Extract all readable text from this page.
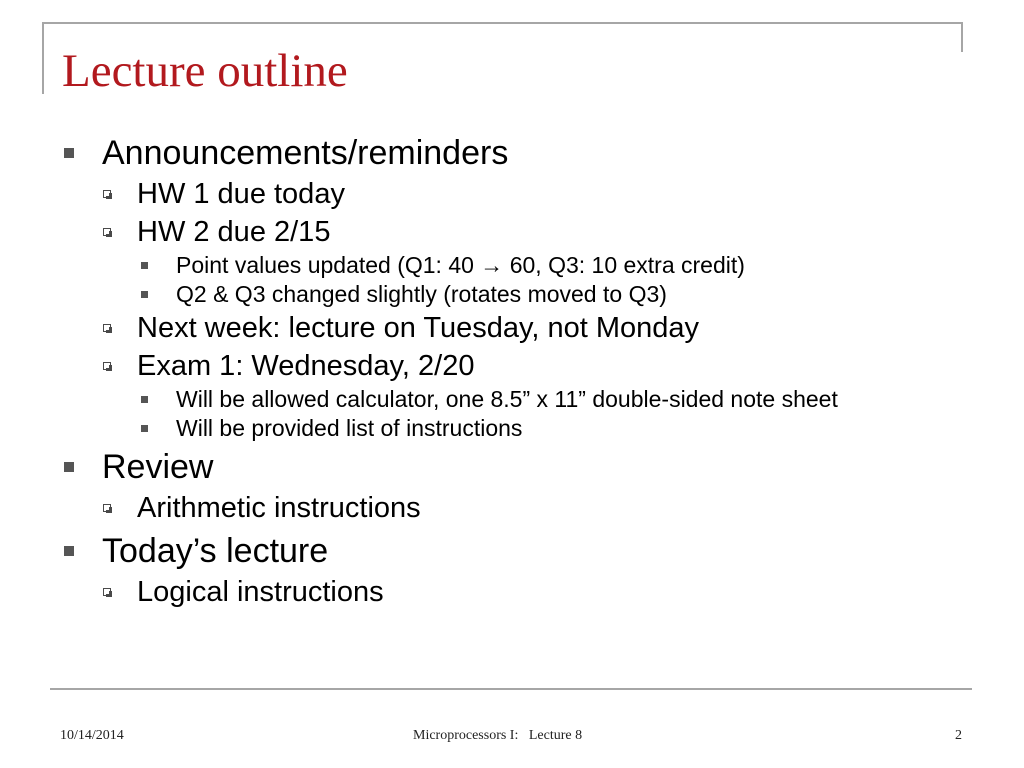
Lecture outline
Announcements/reminders
HW 1 due today
HW 2 due 2/15
Point values updated (Q1: 40 → 60, Q3: 10 extra credit)
Q2 & Q3 changed slightly (rotates moved to Q3)
Next week: lecture on Tuesday, not Monday
Exam 1: Wednesday, 2/20
Will be allowed calculator, one 8.5” x 11” double-sided note sheet
Will be provided list of instructions
Review
Arithmetic instructions
Today’s lecture
Logical instructions
10/14/2014	Microprocessors I:   Lecture 8	2
